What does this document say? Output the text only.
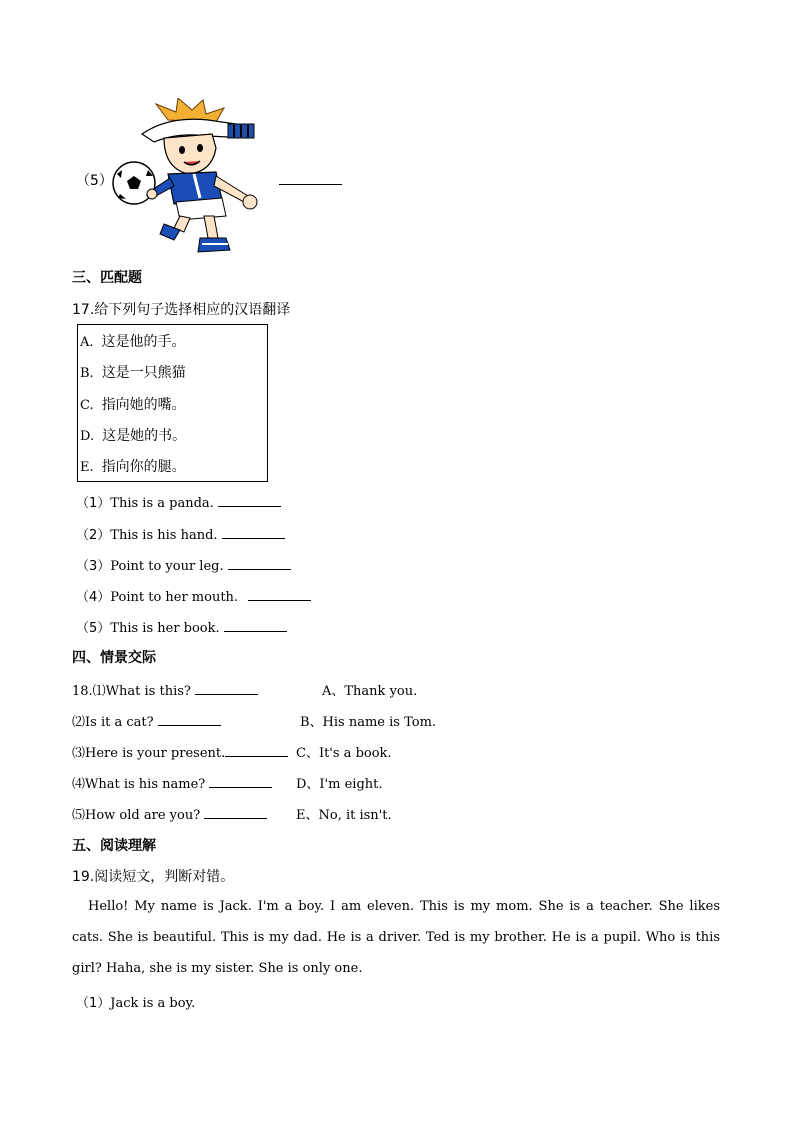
（5）
三、匹配题
17.给下列句子选择相应的汉语翻译
A. 这是他的手。
B. 这是一只熊猫
C. 指向她的嘴。
D. 这是她的书。
E. 指向你的腿。
（1）This is a panda.
（2）This is his hand.
（3）Point to your leg.
（4）Point to her mouth.
（5）This is her book.
四、情景交际
18.⑴What is this?	A、Thank you.
⑵Is it a cat?	B、His name is Tom.
⑶Here is your present.	C、It's a book.
⑷What is his name?	D、I'm eight.
⑸How old are you?	E、No, it isn't.
五、阅读理解
19.阅读短文，判断对错。
Hello! My name is Jack. I'm a boy. I am eleven. This is my mom. She is a teacher. She likes cats. She is beautiful. This is my dad. He is a driver. Ted is my brother. He is a pupil. Who is this girl? Haha, she is my sister. She is only one.
（1）Jack is a boy.
